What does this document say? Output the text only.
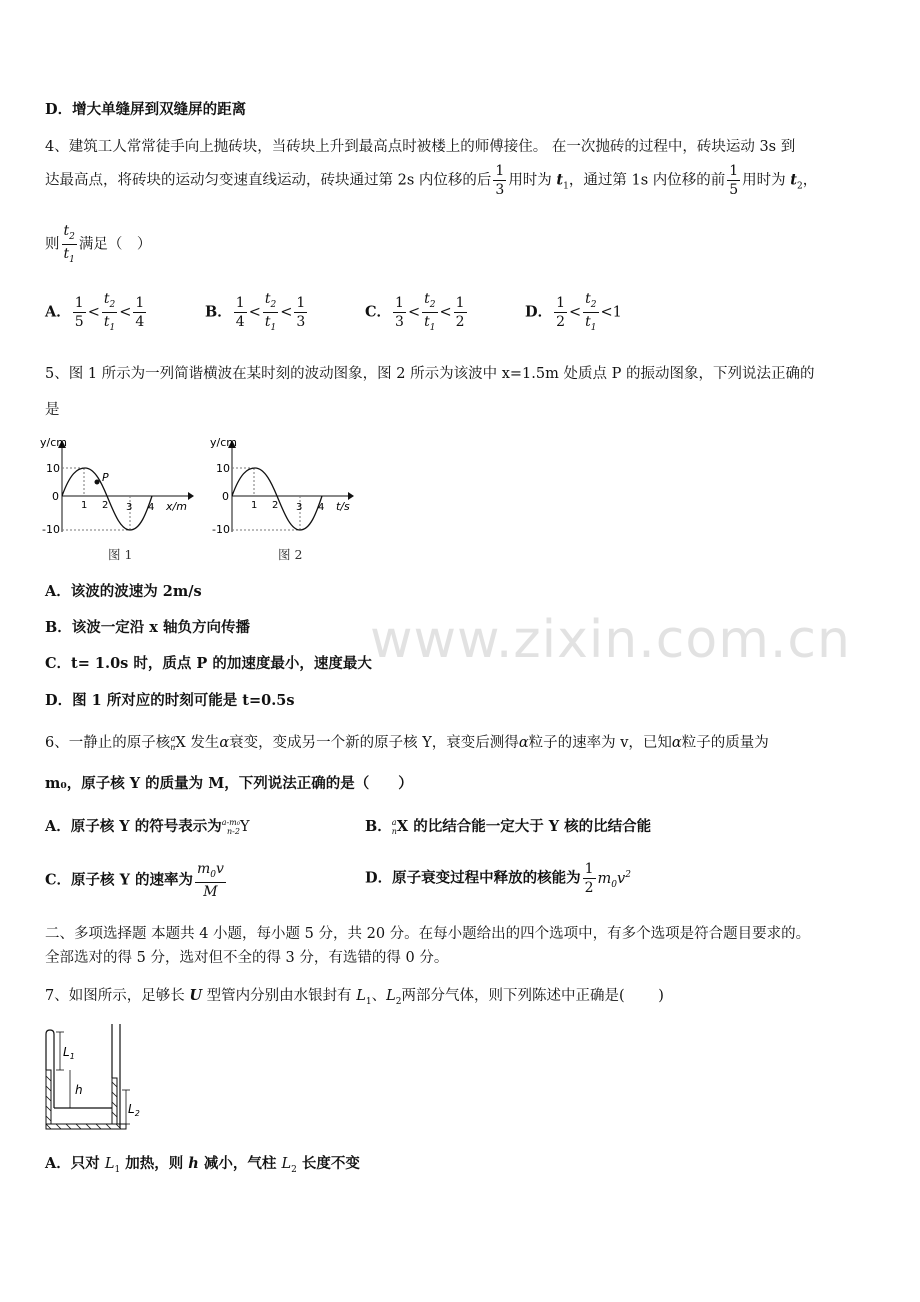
D．增大单缝屏到双缝屏的距离
4、建筑工人常常徒手向上抛砖块，当砖块上升到最高点时被楼上的师傅接住。 在一次抛砖的过程中，砖块运动 3s 到
达最高点，将砖块的运动匀变速直线运动，砖块通过第 2s 内位移的后 $\frac{1}{3}$ 用时为 $t_1$，通过第 1s 内位移的前 $\frac{1}{5}$ 用时为 $t_2$，
则 $\frac{t_2}{t_1}$ 满足（　）
A． $\frac{1}{5} < \frac{t_2}{t_1} < \frac{1}{4}$	B． $\frac{1}{4} < \frac{t_2}{t_1} < \frac{1}{3}$	C． $\frac{1}{3} < \frac{t_2}{t_1} < \frac{1}{2}$	D． $\frac{1}{2} < \frac{t_2}{t_1} <1$
5、图 1 所示为一列简谐横波在某时刻的波动图象，图 2 所示为该波中 x=1.5m 处质点 P 的振动图象，下列说法正确的
是
y/cm
10
0
-10
1 2 3 4
P
x/m
图 1
y/cm
10
0
-10
1 2 3 4 t/s
图 2
A．该波的波速为 2m/s
B．该波一定沿 x 轴负方向传播
C．t= 1.0s 时，质点 P 的加速度最小，速度最大
D．图 1 所对应的时刻可能是 t=0.5s
www.zixin.com.cn
6、一静止的原子核a
nX 发生α衰变，变成另一个新的原子核 Y，衰变后测得α粒子的速率为 v，已知α粒子的质量为
m₀，原子核 Y 的质量为 M，下列说法正确的是（　　）
A．原子核 Y 的符号表示为a-m₀
n-2Y	B．a
nX 的比结合能一定大于 Y 核的比结合能
C．原子核 Y 的速率为 $\frac{m_0v}{M}$	D．原子衰变过程中释放的核能为 $\frac{1}{2} m_0v^2$
二、多项选择题 本题共 4 小题，每小题 5 分，共 20 分。在每小题给出的四个选项中，有多个选项是符合题目要求的。
全部选对的得 5 分，选对但不全的得 3 分，有选错的得 0 分。
7、如图所示，足够长 U 型管内分别由水银封有 $L_1$、$L_2$两部分气体，则下列陈述中正确是(　　 )
$L_1$
h
$L_2$
A．只对 $L_1$ 加热，则 h 减小，气柱 $L_2$ 长度不变
